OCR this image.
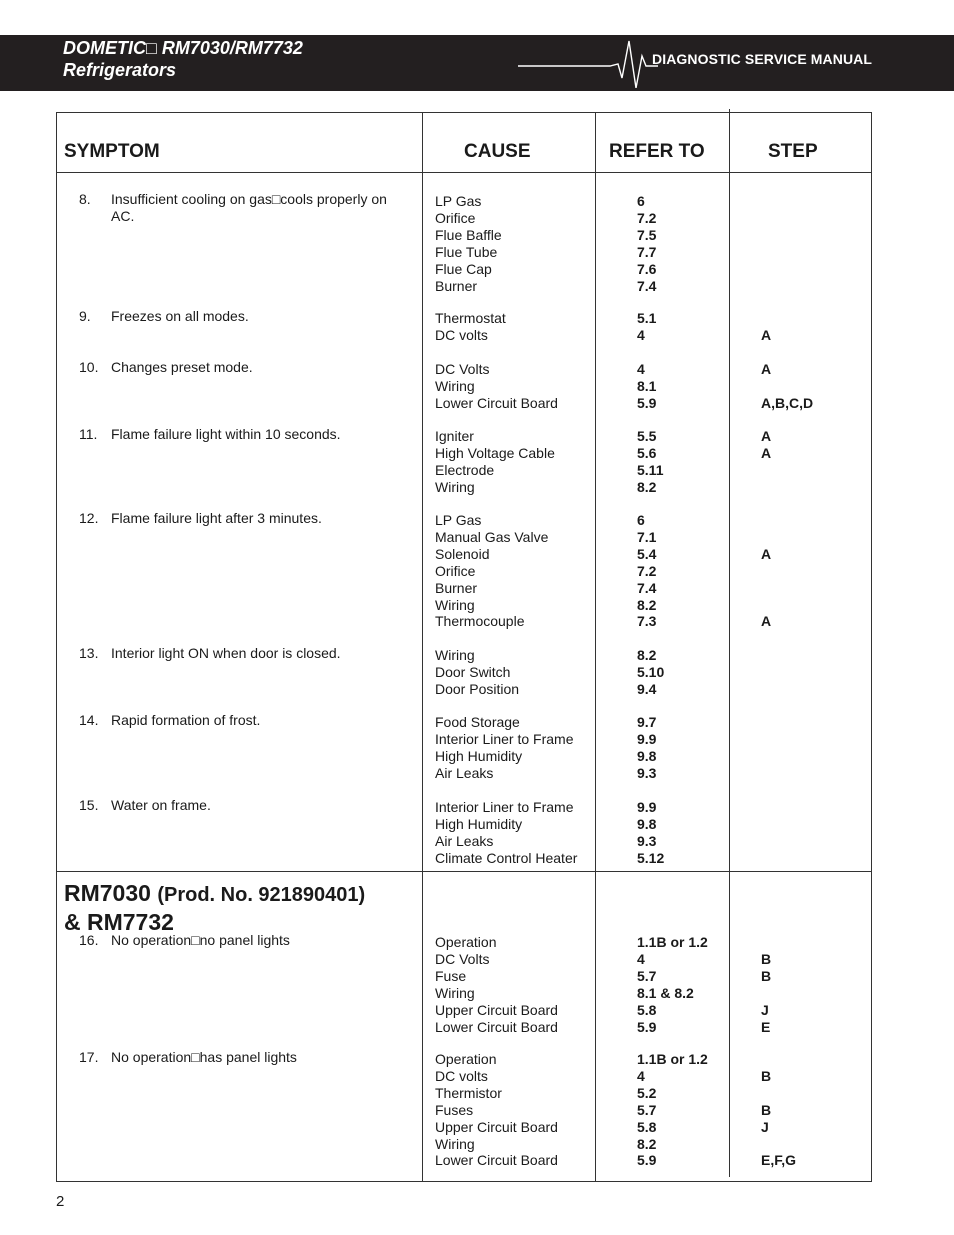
DOMETIC□ RM7030/RM7732
Refrigerators
DIAGNOSTIC SERVICE MANUAL
SYMPTOM	CAUSE	REFER TO	STEP
RM7030 (Prod. No. 921890401)
& RM7732
8. Insufficient cooling on gas□cools properly on
AC.
LP Gas	6
Orifice	7.2
Flue Baffle	7.5
Flue Tube	7.7
Flue Cap	7.6
Burner	7.4
9. Freezes on all modes.	Thermostat	5.1
DC volts	4	A
10. Changes preset mode.	DC Volts	4	A
Wiring	8.1
Lower Circuit Board	5.9	A,B,C,D
11. Flame failure light within 10 seconds.	Igniter	5.5	A
High Voltage Cable	5.6	A
Electrode	5.11
Wiring	8.2
12. Flame failure light after 3 minutes.	LP Gas	6
Manual Gas Valve	7.1
Solenoid	5.4	A
Orifice	7.2
Burner	7.4
Wiring	8.2
Thermocouple	7.3	A
13. Interior light ON when door is closed.	Wiring	8.2
Door Switch	5.10
Door Position	9.4
14. Rapid formation of frost.	Food Storage	9.7
Interior Liner to Frame	9.9
High Humidity	9.8
Air Leaks	9.3
15. Water on frame.	Interior Liner to Frame	9.9
High Humidity	9.8
Air Leaks	9.3
Climate Control Heater	5.12
16. No operation□no panel lights	Operation	1.1B or 1.2
DC Volts	4	B
Fuse	5.7	B
Wiring	8.1 & 8.2
Upper Circuit Board	5.8	J
Lower Circuit Board	5.9	E
17. No operation□has panel lights	Operation	1.1B or 1.2
DC volts	4	B
Thermistor	5.2
Fuses	5.7	B
Upper Circuit Board	5.8	J
Wiring	8.2
Lower Circuit Board	5.9	E,F,G
2
